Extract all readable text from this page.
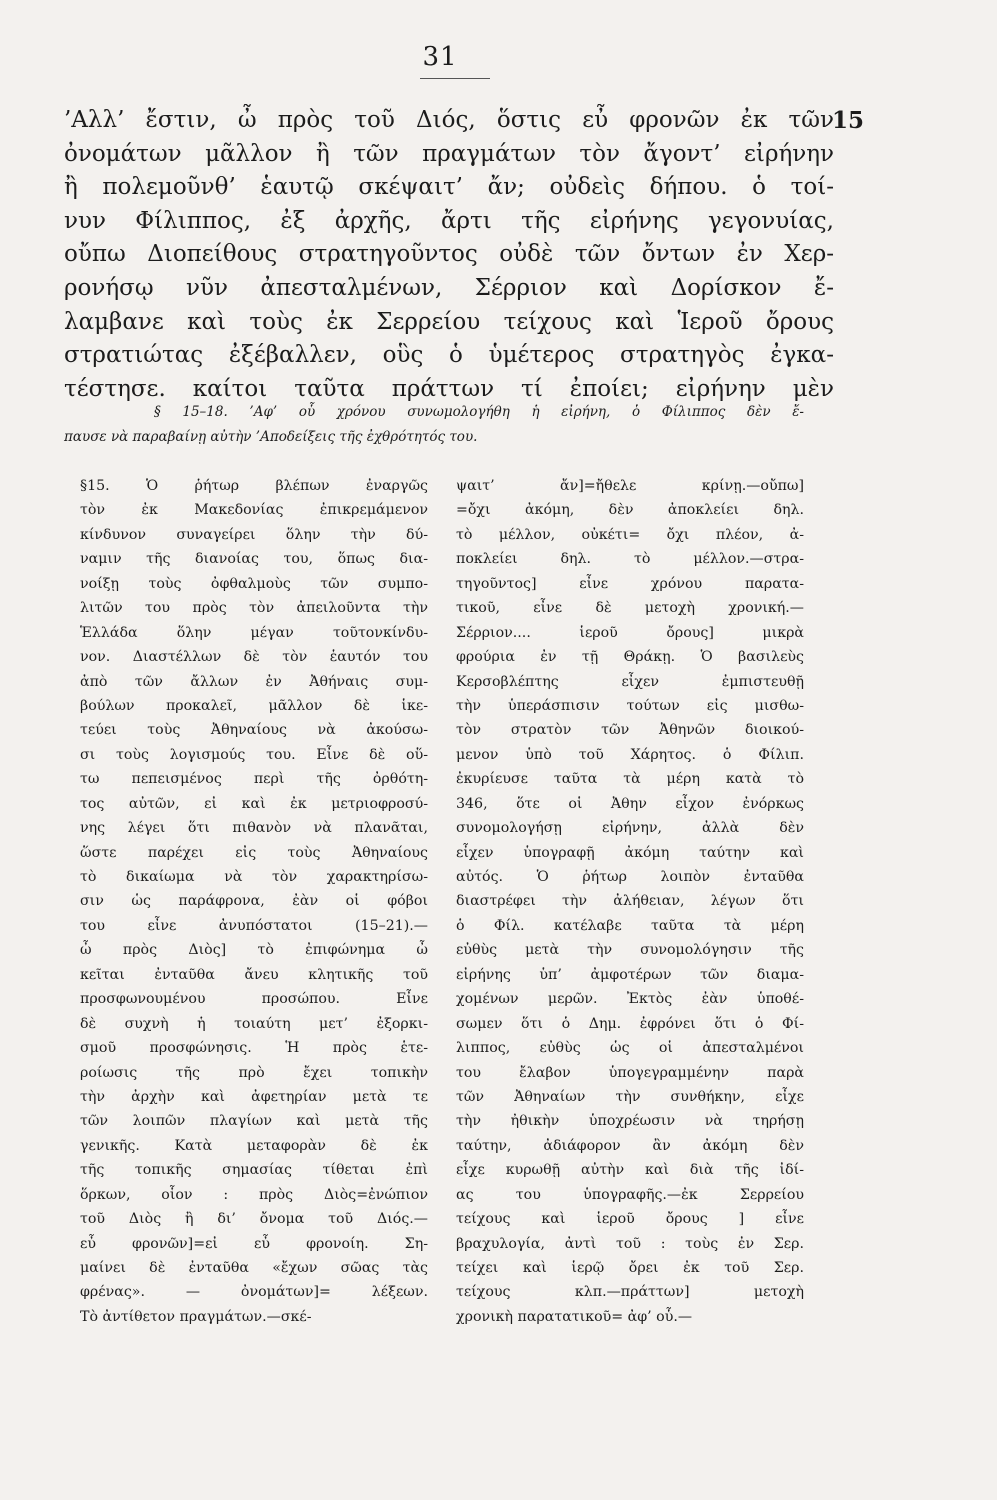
31
’Αλλ’ ἔστιν, ὦ πρὸς τοῦ Διός, ὅστις εὖ φρονῶν ἐκ τῶν
ὀνομάτων μᾶλλον ἢ τῶν πραγμάτων τὸν ἄγοντ’ εἰρήνην
ἢ πολεμοῦνθ’ ἑαυτῷ σκέψαιτ’ ἄν; οὐδεὶς δήπου. ὁ τοί-
νυν Φίλιππος, ἐξ ἀρχῆς, ἄρτι τῆς εἰρήνης γεγονυίας,
οὔπω Διοπείθους στρατηγοῦντος οὐδὲ τῶν ὄντων ἐν Χερ-
ρονήσῳ νῦν ἀπεσταλμένων, Σέρριον καὶ Δορίσκον ἔ-
λαμβανε καὶ τοὺς ἐκ Σερρείου τείχους καὶ Ἱεροῦ ὄρους
στρατιώτας ἐξέβαλλεν, οὓς ὁ ὑμέτερος στρατηγὸς ἐγκα-
τέστησε. καίτοι ταῦτα πράττων τί ἐποίει; εἰρήνην μὲν
15
§ 15–18. ’Αφ’ οὗ χρόνου συνωμολογήθη ἡ εἰρήνη, ὁ Φίλιππος δὲν ἔ-
παυσε νὰ παραβαίνῃ αὐτὴν ’Αποδείξεις τῆς ἐχθρότητός του.
§15. Ὁ ῥήτωρ βλέπων ἐναργῶς
τὸν ἐκ Μακεδονίας ἐπικρεμάμενον
κίνδυνον συναγείρει ὅλην τὴν δύ-
ναμιν τῆς διανοίας του, ὅπως δια-
νοίξῃ τοὺς ὀφθαλμοὺς τῶν συμπο-
λιτῶν του πρὸς τὸν ἀπειλοῦντα τὴν
Ἑλλάδα ὅλην μέγαν τοῦτονκίνδυ-
νον. Διαστέλλων δὲ τὸν ἑαυτόν του
ἀπὸ τῶν ἄλλων ἐν Ἀθήναις συμ-
βούλων προκαλεῖ, μᾶλλον δὲ ἱκε-
τεύει τοὺς Ἀθηναίους νὰ ἀκούσω-
σι τοὺς λογισμούς του. Εἶνε δὲ οὕ-
τω πεπεισμένος περὶ τῆς ὀρθότη-
τος αὐτῶν, εἰ καὶ ἐκ μετριοφροσύ-
νης λέγει ὅτι πιθανὸν νὰ πλανᾶται,
ὥστε παρέχει εἰς τοὺς Ἀθηναίους
τὸ δικαίωμα νὰ τὸν χαρακτηρίσω-
σιν ὡς παράφρονα, ἐὰν οἱ φόβοι
του εἶνε ἀνυπόστατοι (15–21).—
ὦ πρὸς Διὸς] τὸ ἐπιφώνημα ὦ
κεῖται ἐνταῦθα ἄνευ κλητικῆς τοῦ
προσφωνουμένου προσώπου. Εἶνε
δὲ συχνὴ ἡ τοιαύτη μετ’ ἐξορκι-
σμοῦ προσφώνησις. Ἡ πρὸς ἑτε-
ροίωσις τῆς πρὸ ἔχει τοπικὴν
τὴν ἀρχὴν καὶ ἀφετηρίαν μετὰ τε
τῶν λοιπῶν πλαγίων καὶ μετὰ τῆς
γενικῆς. Κατὰ μεταφορὰν δὲ ἐκ
τῆς τοπικῆς σημασίας τίθεται ἐπὶ
ὅρκων, οἷον : πρὸς Διὸς=ἐνώπιον
τοῦ Διὸς ἢ δι’ ὄνομα τοῦ Διός.—
εὖ φρονῶν]=εἰ εὖ φρονοίη. Ση-
μαίνει δὲ ἐνταῦθα «ἔχων σῶας τὰς
φρένας». — ὀνομάτων]= λέξεων.
Τὸ ἀντίθετον πραγμάτων.—σκέ-
ψαιτ’ ἄν]=ἤθελε κρίνῃ.—οὔπω]
=ὄχι ἀκόμη, δὲν ἀποκλείει δηλ.
τὸ μέλλον, οὐκέτι= ὄχι πλέον, ἀ-
ποκλείει δηλ. τὸ μέλλον.—στρα-
τηγοῦντος] εἶνε χρόνου παρατα-
τικοῦ, εἶνε δὲ μετοχὴ χρονική.—
Σέρριον.... ἱεροῦ ὄρους] μικρὰ
φρούρια ἐν τῇ Θράκῃ. Ὁ βασιλεὺς
Κερσοβλέπτης εἶχεν ἐμπιστευθῇ
τὴν ὑπεράσπισιν τούτων εἰς μισθω-
τὸν στρατὸν τῶν Ἀθηνῶν διοικού-
μενον ὑπὸ τοῦ Χάρητος. ὁ Φίλιπ.
ἐκυρίευσε ταῦτα τὰ μέρη κατὰ τὸ
346, ὅτε οἱ Ἀθην εἶχον ἐνόρκως
συνομολογήσῃ εἰρήνην, ἀλλὰ δὲν
εἶχεν ὑπογραφῇ ἀκόμη ταύτην καὶ
αὐτός. Ὁ ῥήτωρ λοιπὸν ἐνταῦθα
διαστρέφει τὴν ἀλήθειαν, λέγων ὅτι
ὁ Φίλ. κατέλαβε ταῦτα τὰ μέρη
εὐθὺς μετὰ τὴν συνομολόγησιν τῆς
εἰρήνης ὑπ’ ἀμφοτέρων τῶν διαμα-
χομένων μερῶν. Ἐκτὸς ἐὰν ὑποθέ-
σωμεν ὅτι ὁ Δημ. ἐφρόνει ὅτι ὁ Φί-
λιππος, εὐθὺς ὡς οἱ ἀπεσταλμένοι
του ἔλαβον ὑπογεγραμμένην παρὰ
τῶν Ἀθηναίων τὴν συνθήκην, εἶχε
τὴν ἠθικὴν ὑποχρέωσιν νὰ τηρήσῃ
ταύτην, ἀδιάφορον ἂν ἀκόμη δὲν
εἶχε κυρωθῇ αὐτὴν καὶ διὰ τῆς ἰδί-
ας του ὑπογραφῆς.—ἐκ Σερρείου
τείχους καὶ ἱεροῦ ὄρους ] εἶνε
βραχυλογία, ἀντὶ τοῦ : τοὺς ἐν Σερ.
τείχει καὶ ἱερῷ ὄρει ἐκ τοῦ Σερ.
τείχους κλπ.—πράττων] μετοχὴ
χρονικὴ παρατατικοῦ= ἀφ’ οὗ.—
